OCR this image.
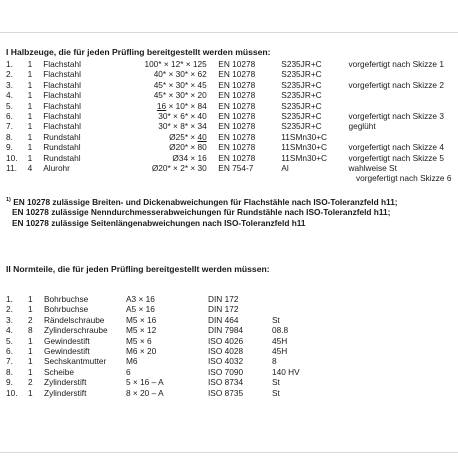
I Halbzeuge, die für jeden Prüfling bereitgestellt werden müssen:
1.	1	Flachstahl	100* × 12* × 125		EN 10278	S235JR+C	vorgefertigt nach Skizze 1
2.	1	Flachstahl	40* × 30* × 62		EN 10278	S235JR+C	
3.	1	Flachstahl	45* × 30* × 45		EN 10278	S235JR+C	vorgefertigt nach Skizze 2
4.	1	Flachstahl	45* × 30* × 20		EN 10278	S235JR+C	
5.	1	Flachstahl	16 × 10* × 84		EN 10278	S235JR+C	
6.	1	Flachstahl	30* × 6* × 40		EN 10278	S235JR+C	vorgefertigt nach Skizze 3
7.	1	Flachstahl	30* × 8* × 34		EN 10278	S235JR+C	geglüht
8.	1	Rundstahl	Ø25* × 40		EN 10278	11SMn30+C	
9.	1	Rundstahl	Ø20* × 80		EN 10278	11SMn30+C	vorgefertigt nach Skizze 4
10.	1	Rundstahl	Ø34 × 16		EN 10278	11SMn30+C	vorgefertigt nach Skizze 5
11.	4	Alurohr	Ø20* × 2* × 30		EN 754-7	Al	wahlweise St
vorgefertigt nach Skizze 6
$^{1)}$ EN 10278 zulässige Breiten- und Dickenabweichungen für Flachstähle nach ISO-Toleranzfeld h11;
EN 10278 zulässige Nenndurchmesserabweichungen für Rundstähle nach ISO-Toleranzfeld h11;
EN 10278 zulässige Seitenlängenabweichungen nach ISO-Toleranzfeld h11
II Normteile, die für jeden Prüfling bereitgestellt werden müssen:
1.	1	Bohrbuchse	A3 × 16	DIN 172	
2.	1	Bohrbuchse	A5 × 16	DIN 172	
3.	2	Rändelschraube	M5 × 16	DIN 464	St
4.	8	Zylinderschraube	M5 × 12	DIN 7984	08.8
5.	1	Gewindestift	M5 × 6	ISO 4026	45H
6.	1	Gewindestift	M6 × 20	ISO 4028	45H
7.	1	Sechskantmutter	M6	ISO 4032	8
8.	1	Scheibe	6	ISO 7090	140 HV
9.	2	Zylinderstift	5 × 16 – A	ISO 8734	St
10.	1	Zylinderstift	8 × 20 – A	ISO 8735	St
